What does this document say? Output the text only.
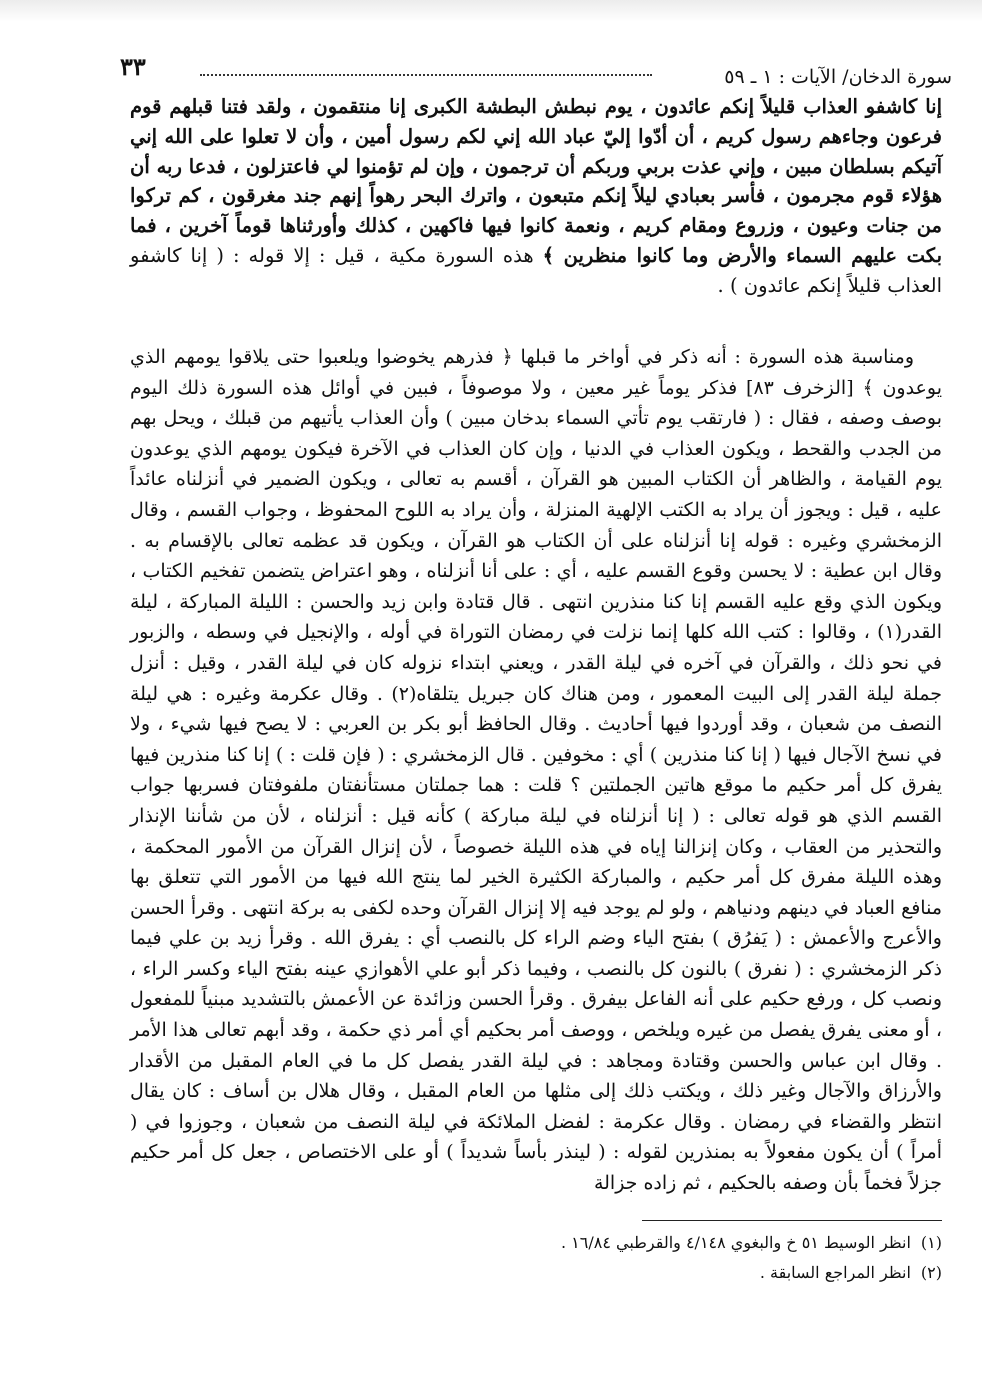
سورة الدخان/ الآيات : ١ ـ ٥٩
٣٣
إنا كاشفو العذاب قليلاً إنكم عائدون ، يوم نبطش البطشة الكبرى إنا منتقمون ، ولقد فتنا قبلهم قوم فرعون وجاءهم رسول كريم ، أن أدّوا إليّ عباد الله إني لكم رسول أمين ، وأن لا تعلوا على الله إني آتيكم بسلطان مبين ، وإني عذت بربي وربكم أن ترجمون ، وإن لم تؤمنوا لي فاعتزلون ، فدعا ربه أن هؤلاء قوم مجرمون ، فأسر بعبادي ليلاً إنكم متبعون ، واترك البحر رهواً إنهم جند مغرقون ، كم تركوا من جنات وعيون ، وزروع ومقام كريم ، ونعمة كانوا فيها فاكهين ، كذلك وأورثناها قوماً آخرين ، فما بكت عليهم السماء والأرض وما كانوا منظرين ﴾ هذه السورة مكية ، قيل : إلا قوله : ( إنا كاشفو العذاب قليلاً إنكم عائدون ) .

ومناسبة هذه السورة : أنه ذكر في أواخر ما قبلها ﴿ فذرهم يخوضوا ويلعبوا حتى يلاقوا يومهم الذي يوعدون ﴾ [الزخرف ٨٣] فذكر يوماً غير معين ، ولا موصوفاً ، فبين في أوائل هذه السورة ذلك اليوم بوصف وصفه ، فقال : ( فارتقب يوم تأتي السماء بدخان مبين ) وأن العذاب يأتيهم من قبلك ، ويحل بهم من الجدب والقحط ، ويكون العذاب في الدنيا ، وإن كان العذاب في الآخرة فيكون يومهم الذي يوعدون يوم القيامة ، والظاهر أن الكتاب المبين هو القرآن ، أقسم به تعالى ، ويكون الضمير في أنزلناه عائداً عليه ، قيل : ويجوز أن يراد به الكتب الإلهية المنزلة ، وأن يراد به اللوح المحفوظ ، وجواب القسم ، وقال الزمخشري وغيره : قوله إنا أنزلناه على أن الكتاب هو القرآن ، ويكون قد عظمه تعالى بالإقسام به . وقال ابن عطية : لا يحسن وقوع القسم عليه ، أي : على أنا أنزلناه ، وهو اعتراض يتضمن تفخيم الكتاب ، ويكون الذي وقع عليه القسم إنا كنا منذرين انتهى . قال قتادة وابن زيد والحسن : الليلة المباركة ، ليلة القدر(١) ، وقالوا : كتب الله كلها إنما نزلت في رمضان التوراة في أوله ، والإنجيل في وسطه ، والزبور في نحو ذلك ، والقرآن في آخره في ليلة القدر ، ويعني ابتداء نزوله كان في ليلة القدر ، وقيل : أنزل جملة ليلة القدر إلى البيت المعمور ، ومن هناك كان جبريل يتلقاه(٢) . وقال عكرمة وغيره : هي ليلة النصف من شعبان ، وقد أوردوا فيها أحاديث . وقال الحافظ أبو بكر بن العربي : لا يصح فيها شيء ، ولا في نسخ الآجال فيها ( إنا كنا منذرين ) أي : مخوفين . قال الزمخشري : ( فإن قلت : ) إنا كنا منذرين فيها يفرق كل أمر حكيم ما موقع هاتين الجملتين ؟ قلت : هما جملتان مستأنفتان ملفوفتان فسربها جواب القسم الذي هو قوله تعالى : ( إنا أنزلناه في ليلة مباركة ) كأنه قيل : أنزلناه ، لأن من شأننا الإنذار والتحذير من العقاب ، وكان إنزالنا إياه في هذه الليلة خصوصاً ، لأن إنزال القرآن من الأمور المحكمة ، وهذه الليلة مفرق كل أمر حكيم ، والمباركة الكثيرة الخير لما ينتج الله فيها من الأمور التي تتعلق بها منافع العباد في دينهم ودنياهم ، ولو لم يوجد فيه إلا إنزال القرآن وحده لكفى به بركة انتهى . وقرأ الحسن والأعرج والأعمش : ( يَفرُق ) بفتح الياء وضم الراء كل بالنصب أي : يفرق الله . وقرأ زيد بن علي فيما ذكر الزمخشري : ( نفرق ) بالنون كل بالنصب ، وفيما ذكر أبو علي الأهوازي عينه بفتح الياء وكسر الراء ، ونصب كل ، ورفع حكيم على أنه الفاعل بيفرق . وقرأ الحسن وزائدة عن الأعمش بالتشديد مبنياً للمفعول ، أو معنى يفرق يفصل من غيره ويلخص ، ووصف أمر بحكيم أي أمر ذي حكمة ، وقد أبهم تعالى هذا الأمر . وقال ابن عباس والحسن وقتادة ومجاهد : في ليلة القدر يفصل كل ما في العام المقبل من الأقدار والأرزاق والآجال وغير ذلك ، ويكتب ذلك إلى مثلها من العام المقبل ، وقال هلال بن أساف : كان يقال انتظر والقضاء في رمضان . وقال عكرمة : لفضل الملائكة في ليلة النصف من شعبان ، وجوزوا في ( أمراً ) أن يكون مفعولاً به بمنذرين لقوله : ( لينذر بأساً شديداً ) أو على الاختصاص ، جعل كل أمر حكيم جزلاً فخماً بأن وصفه بالحكيم ، ثم زاده جزالة

(١)انظر الوسيط ٥١ خ والبغوي ٤/١٤٨ والقرطبي ١٦/٨٤ .
(٢)انظر المراجع السابقة .
